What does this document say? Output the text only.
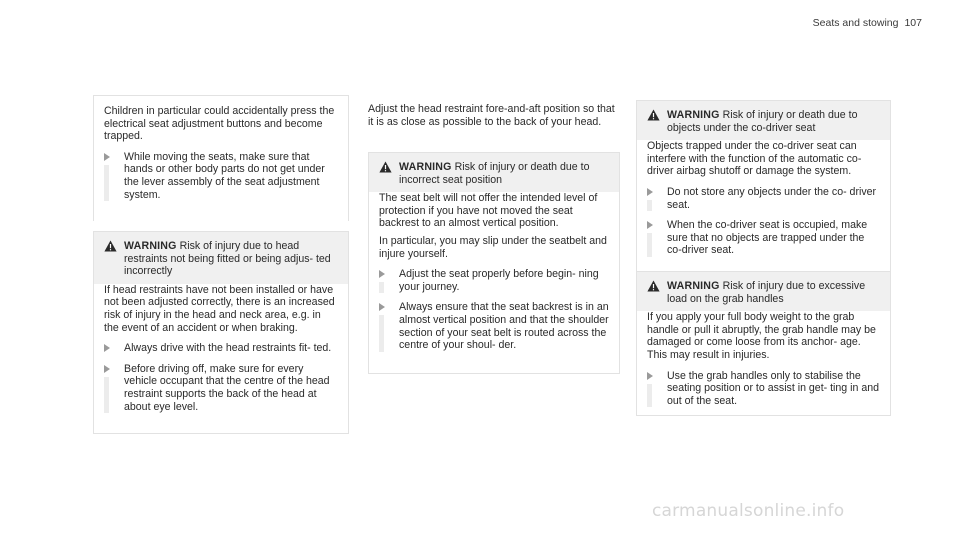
Seats and stowing 107

Children in particular could accidentally press the electrical seat adjustment buttons and become trapped.

While moving the seats, make sure that hands or other body parts do not get under the lever assembly of the seat adjustment system.
WARNING Risk of injury due to head restraints not being fitted or being adjus- ted incorrectly

If head restraints have not been installed or have not been adjusted correctly, there is an increased risk of injury in the head and neck area, e.g. in the event of an accident or when braking.

Always drive with the head restraints fit- ted.
Before driving off, make sure for every vehicle occupant that the centre of the head restraint supports the back of the head at about eye level.

Adjust the head restraint fore-and-aft position so that it is as close as possible to the back of your head.

WARNING Risk of injury or death due to incorrect seat position

The seat belt will not offer the intended level of protection if you have not moved the seat backrest to an almost vertical position.

In particular, you may slip under the seatbelt and injure yourself.

Adjust the seat properly before begin- ning your journey.
Always ensure that the seat backrest is in an almost vertical position and that the shoulder section of your seat belt is routed across the centre of your shoul- der.
WARNING Risk of injury or death due to objects under the co-driver seat

Objects trapped under the co-driver seat can interfere with the function of the automatic co-driver airbag shutoff or damage the system.

Do not store any objects under the co- driver seat.
When the co-driver seat is occupied, make sure that no objects are trapped under the co-driver seat.
WARNING Risk of injury due to excessive load on the grab handles

If you apply your full body weight to the grab handle or pull it abruptly, the grab handle may be damaged or come loose from its anchor- age. This may result in injuries.

Use the grab handles only to stabilise the seating position or to assist in get- ting in and out of the seat.
carmanualsonline.info
